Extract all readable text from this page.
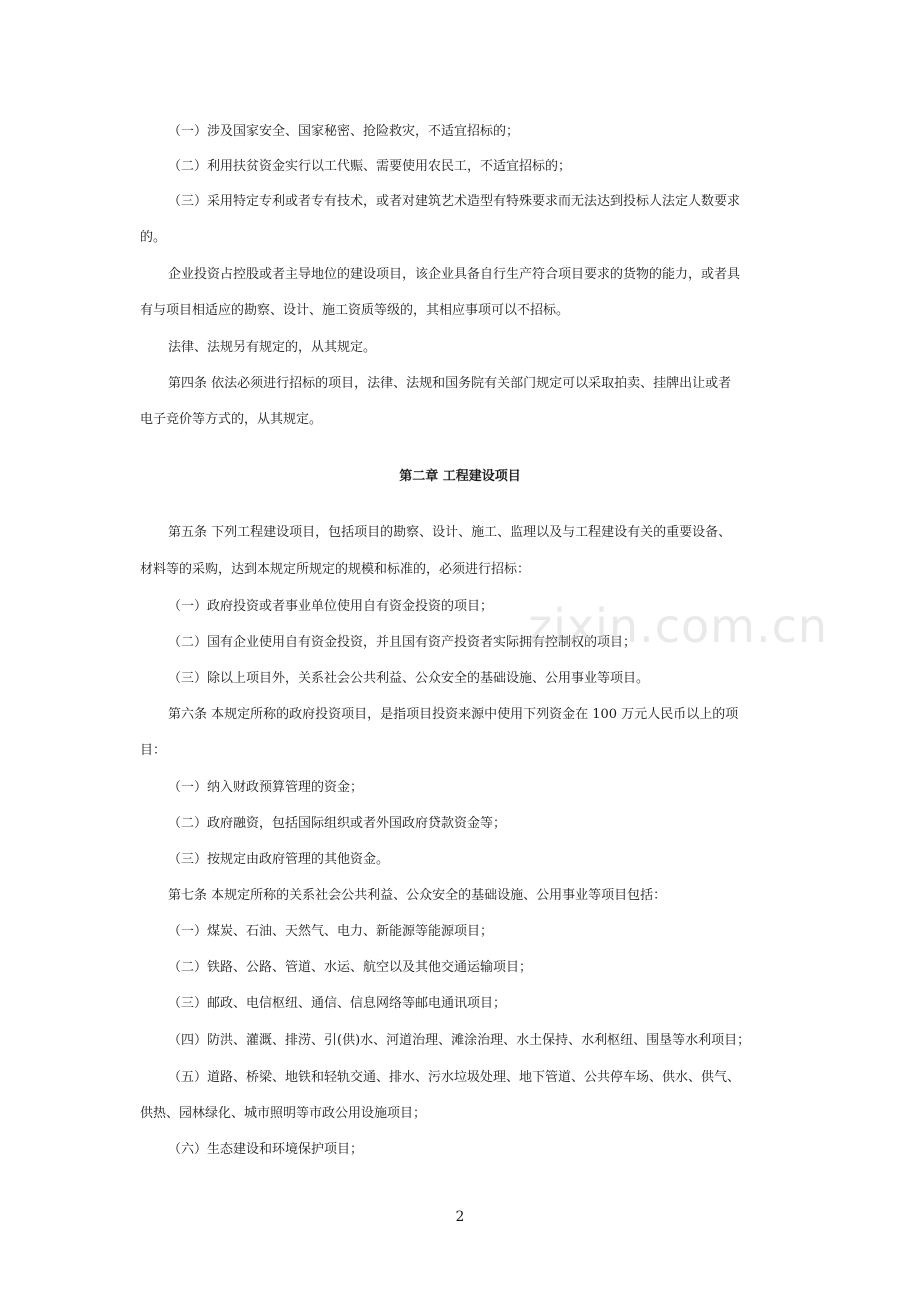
（一）涉及国家安全、国家秘密、抢险救灾，不适宜招标的；
（二）利用扶贫资金实行以工代赈、需要使用农民工，不适宜招标的；
（三）采用特定专利或者专有技术，或者对建筑艺术造型有特殊要求而无法达到投标人法定人数要求
的。
企业投资占控股或者主导地位的建设项目，该企业具备自行生产符合项目要求的货物的能力，或者具
有与项目相适应的勘察、设计、施工资质等级的，其相应事项可以不招标。
法律、法规另有规定的，从其规定。
第四条 依法必须进行招标的项目，法律、法规和国务院有关部门规定可以采取拍卖、挂牌出让或者
电子竞价等方式的，从其规定。
第二章 工程建设项目
第五条 下列工程建设项目，包括项目的勘察、设计、施工、监理以及与工程建设有关的重要设备、
材料等的采购，达到本规定所规定的规模和标准的，必须进行招标：
（一）政府投资或者事业单位使用自有资金投资的项目；
（二）国有企业使用自有资金投资，并且国有资产投资者实际拥有控制权的项目；
（三）除以上项目外，关系社会公共利益、公众安全的基础设施、公用事业等项目。
第六条 本规定所称的政府投资项目，是指项目投资来源中使用下列资金在 100 万元人民币以上的项
目：
（一）纳入财政预算管理的资金；
（二）政府融资，包括国际组织或者外国政府贷款资金等；
（三）按规定由政府管理的其他资金。
第七条 本规定所称的关系社会公共利益、公众安全的基础设施、公用事业等项目包括：
（一）煤炭、石油、天然气、电力、新能源等能源项目；
（二）铁路、公路、管道、水运、航空以及其他交通运输项目；
（三）邮政、电信枢纽、通信、信息网络等邮电通讯项目；
（四）防洪、灌溉、排涝、引(供)水、河道治理、滩涂治理、水土保持、水利枢纽、围垦等水利项目；
（五）道路、桥梁、地铁和轻轨交通、排水、污水垃圾处理、地下管道、公共停车场、供水、供气、
供热、园林绿化、城市照明等市政公用设施项目；
（六）生态建设和环境保护项目；
zixin.com.cn
2
